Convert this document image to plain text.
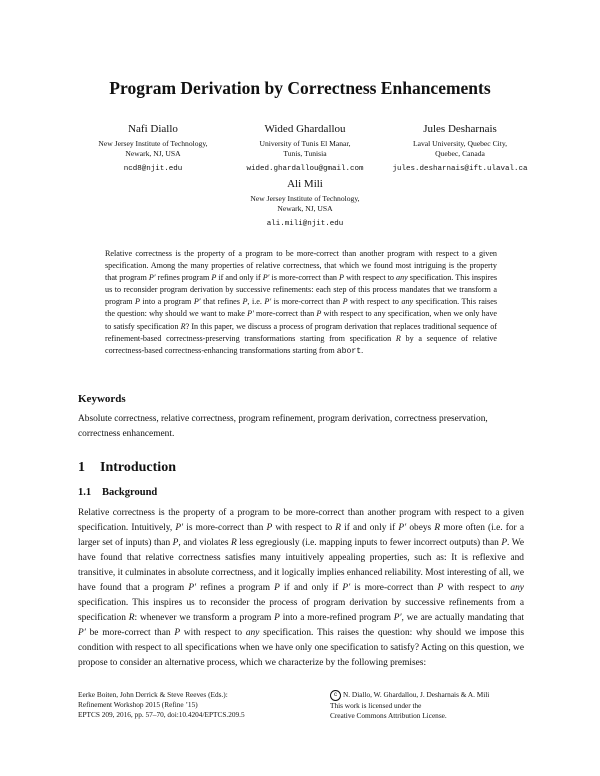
Program Derivation by Correctness Enhancements
Nafi Diallo
New Jersey Institute of Technology,
Newark, NJ, USA
ncd8@njit.edu
Wided Ghardallou
University of Tunis El Manar,
Tunis, Tunisia
wided.ghardallou@gmail.com
Jules Desharnais
Laval University, Quebec City,
Quebec, Canada
jules.desharnais@ift.ulaval.ca
Ali Mili
New Jersey Institute of Technology,
Newark, NJ, USA
ali.mili@njit.edu
Relative correctness is the property of a program to be more-correct than another program with respect to a given specification. Among the many properties of relative correctness, that which we found most intriguing is the property that program P′ refines program P if and only if P′ is more-correct than P with respect to any specification. This inspires us to reconsider program derivation by successive refinements: each step of this process mandates that we transform a program P into a program P′ that refines P, i.e. P′ is more-correct than P with respect to any specification. This raises the question: why should we want to make P′ more-correct than P with respect to any specification, when we only have to satisfy specification R? In this paper, we discuss a process of program derivation that replaces traditional sequence of refinement-based correctness-preserving transformations starting from specification R by a sequence of relative correctness-based correctness-enhancing transformations starting from abort.
Keywords
Absolute correctness, relative correctness, program refinement, program derivation, correctness preservation, correctness enhancement.
1 Introduction
1.1 Background
Relative correctness is the property of a program to be more-correct than another program with respect to a given specification. Intuitively, P′ is more-correct than P with respect to R if and only if P′ obeys R more often (i.e. for a larger set of inputs) than P, and violates R less egregiously (i.e. mapping inputs to fewer incorrect outputs) than P. We have found that relative correctness satisfies many intuitively appealing properties, such as: It is reflexive and transitive, it culminates in absolute correctness, and it logically implies enhanced reliability. Most interesting of all, we have found that a program P′ refines a program P if and only if P′ is more-correct than P with respect to any specification. This inspires us to reconsider the process of program derivation by successive refinements from a specification R: whenever we transform a program P into a more-refined program P′, we are actually mandating that P′ be more-correct than P with respect to any specification. This raises the question: why should we impose this condition with respect to all specifications when we have only one specification to satisfy? Acting on this question, we propose to consider an alternative process, which we characterize by the following premises:
Eerke Boiten, John Derrick & Steve Reeves (Eds.):
Refinement Workshop 2015 (Refine ’15)
EPTCS 209, 2016, pp. 57–70, doi:10.4204/EPTCS.209.5
c N. Diallo, W. Ghardallou, J. Desharnais & A. Mili
This work is licensed under the
Creative Commons Attribution License.
